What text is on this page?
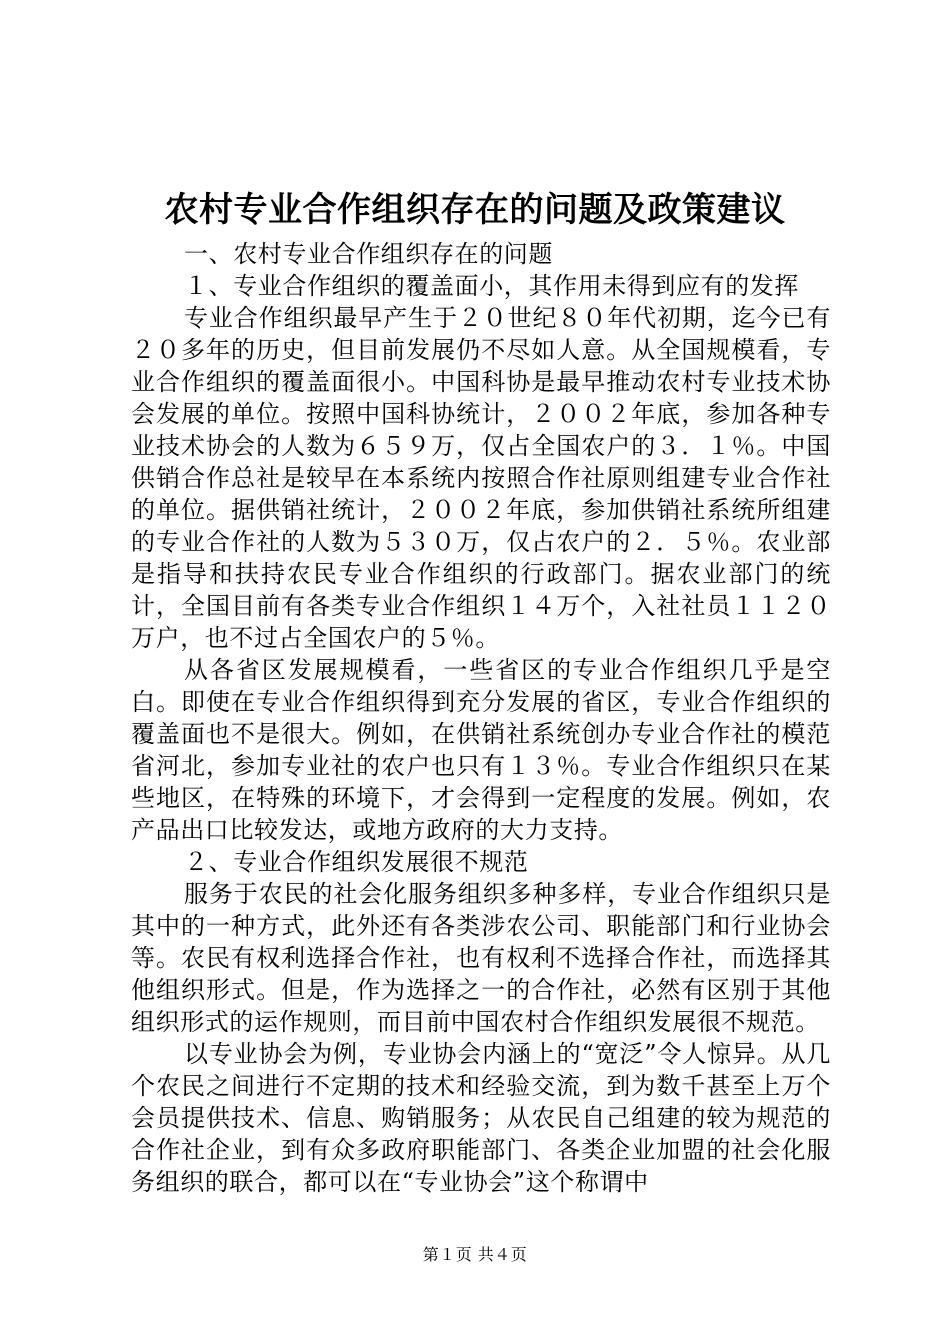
农村专业合作组织存在的问题及政策建议

一、农村专业合作组织存在的问题

１、专业合作组织的覆盖面小，其作用未得到应有的发挥

专业合作组织最早产生于２０世纪８０年代初期，迄今已有２０多年的历史，但目前发展仍不尽如人意。从全国规模看，专业合作组织的覆盖面很小。中国科协是最早推动农村专业技术协会发展的单位。按照中国科协统计，２００２年底，参加各种专业技术协会的人数为６５９万，仅占全国农户的３．１％。中国供销合作总社是较早在本系统内按照合作社原则组建专业合作社的单位。据供销社统计，２００２年底，参加供销社系统所组建的专业合作社的人数为５３０万，仅占农户的２．５％。农业部是指导和扶持农民专业合作组织的行政部门。据农业部门的统计，全国目前有各类专业合作组织１４万个，入社社员１１２０万户，也不过占全国农户的５％。

从各省区发展规模看，一些省区的专业合作组织几乎是空白。即使在专业合作组织得到充分发展的省区，专业合作组织的覆盖面也不是很大。例如，在供销社系统创办专业合作社的模范省河北，参加专业社的农户也只有１３％。专业合作组织只在某些地区，在特殊的环境下，才会得到一定程度的发展。例如，农产品出口比较发达，或地方政府的大力支持。

２、专业合作组织发展很不规范

服务于农民的社会化服务组织多种多样，专业合作组织只是其中的一种方式，此外还有各类涉农公司、职能部门和行业协会等。农民有权利选择合作社，也有权利不选择合作社，而选择其他组织形式。但是，作为选择之一的合作社，必然有区别于其他组织形式的运作规则，而目前中国农村合作组织发展很不规范。

以专业协会为例，专业协会内涵上的“宽泛”令人惊异。从几个农民之间进行不定期的技术和经验交流，到为数千甚至上万个会员提供技术、信息、购销服务；从农民自己组建的较为规范的合作社企业，到有众多政府职能部门、各类企业加盟的社会化服务组织的联合，都可以在“专业协会”这个称谓中

第１页 共４页
